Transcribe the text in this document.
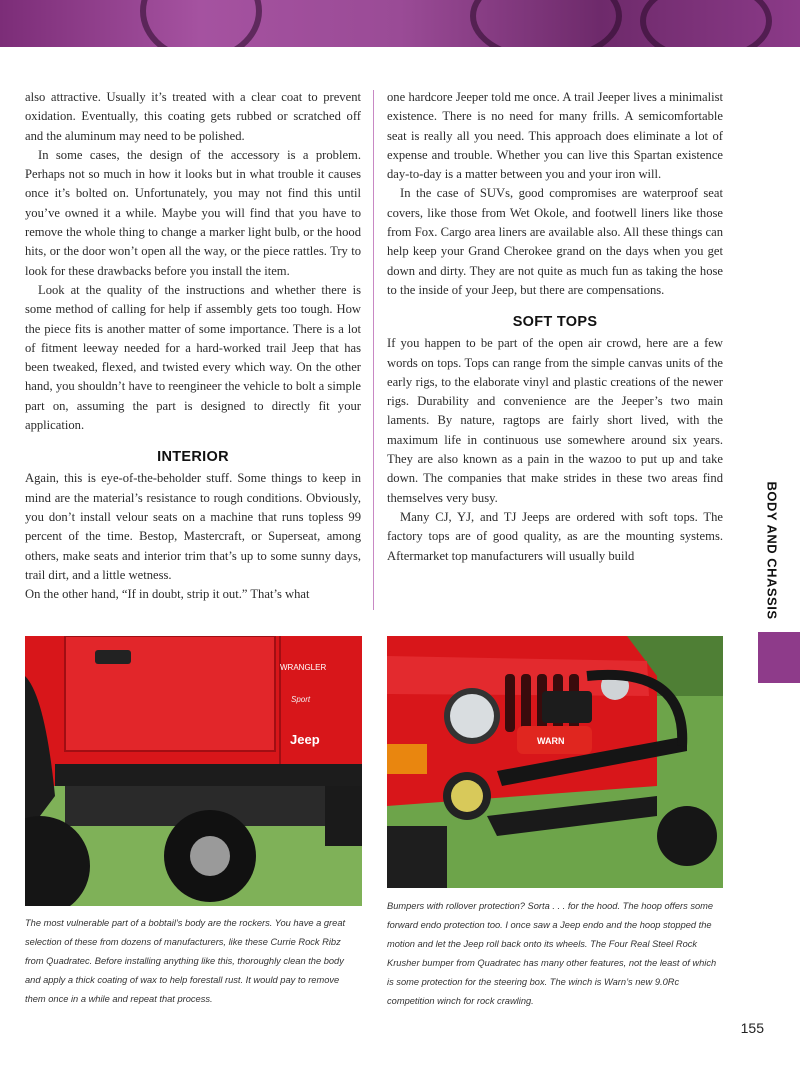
also attractive. Usually it’s treated with a clear coat to prevent oxidation. Eventually, this coating gets rubbed or scratched off and the aluminum may need to be polished.

In some cases, the design of the accessory is a problem. Perhaps not so much in how it looks but in what trouble it causes once it’s bolted on. Unfortunately, you may not find this until you’ve owned it a while. Maybe you will find that you have to remove the whole thing to change a marker light bulb, or the hood hits, or the door won’t open all the way, or the piece rattles. Try to look for these drawbacks before you install the item.

Look at the quality of the instructions and whether there is some method of calling for help if assembly gets too tough. How the piece fits is another matter of some importance. There is a lot of fitment leeway needed for a hard-worked trail Jeep that has been tweaked, flexed, and twisted every which way. On the other hand, you shouldn’t have to reengineer the vehicle to bolt a simple part on, assuming the part is designed to directly fit your application.

INTERIOR

Again, this is eye-of-the-beholder stuff. Some things to keep in mind are the material’s resistance to rough conditions. Obviously, you don’t install velour seats on a machine that runs topless 99 percent of the time. Bestop, Mastercraft, or Superseat, among others, make seats and interior trim that’s up to some sunny days, trail dirt, and a little wetness.

On the other hand, “If in doubt, strip it out.” That’s what

one hardcore Jeeper told me once. A trail Jeeper lives a minimalist existence. There is no need for many frills. A semicomfortable seat is really all you need. This approach does eliminate a lot of expense and trouble. Whether you can live this Spartan existence day-to-day is a matter between you and your iron will.

In the case of SUVs, good compromises are waterproof seat covers, like those from Wet Okole, and footwell liners like those from Fox. Cargo area liners are available also. All these things can help keep your Grand Cherokee grand on the days when you get down and dirty. They are not quite as much fun as taking the hose to the inside of your Jeep, but there are compensations.

SOFT TOPS

If you happen to be part of the open air crowd, here are a few words on tops. Tops can range from the simple canvas units of the early rigs, to the elaborate vinyl and plastic creations of the newer rigs. Durability and convenience are the Jeeper’s two main laments. By nature, ragtops are fairly short lived, with the maximum life in continuous use somewhere around six years. They are also known as a pain in the wazoo to put up and take down. The companies that make strides in these two areas find themselves very busy.

Many CJ, YJ, and TJ Jeeps are ordered with soft tops. The factory tops are of good quality, as are the mounting systems. Aftermarket top manufacturers will usually build	BODY AND CHASSIS
WRANGLER
Sport
Jeep	WARN
The most vulnerable part of a bobtail’s body are the rockers. You have a great selection of these from dozens of manufacturers, like these Currie Rock Ribz from Quadratec. Before installing anything like this, thoroughly clean the body and apply a thick coating of wax to help forestall rust. It would pay to remove them once in a while and repeat that process.
Bumpers with rollover protection? Sorta . . . for the hood. The hoop offers some forward endo protection too. I once saw a Jeep endo and the hoop stopped the motion and let the Jeep roll back onto its wheels. The Four Real Steel Rock Krusher bumper from Quadratec has many other features, not the least of which is some protection for the steering box. The winch is Warn’s new 9.0Rc competition winch for rock crawling.
155
